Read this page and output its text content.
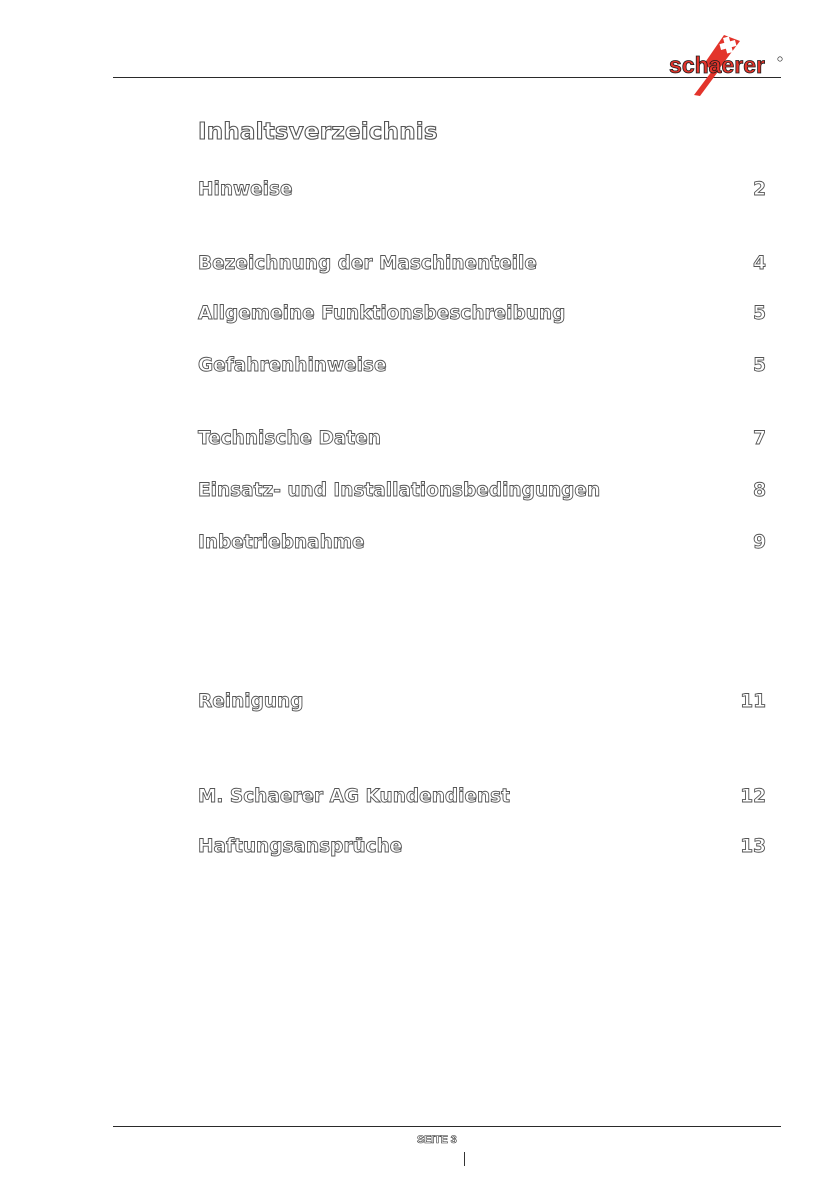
schaerer
Inhaltsverzeichnis
Hinweise	2
Bezeichnung der Maschinenteile	4
Allgemeine Funktionsbeschreibung	5
Gefahrenhinweise	5
Technische Daten	7
Einsatz- und Installationsbedingungen	8
Inbetriebnahme	9
Reinigung	11
M. Schaerer AG Kundendienst	12
Haftungsansprüche	13

SEITE 3
